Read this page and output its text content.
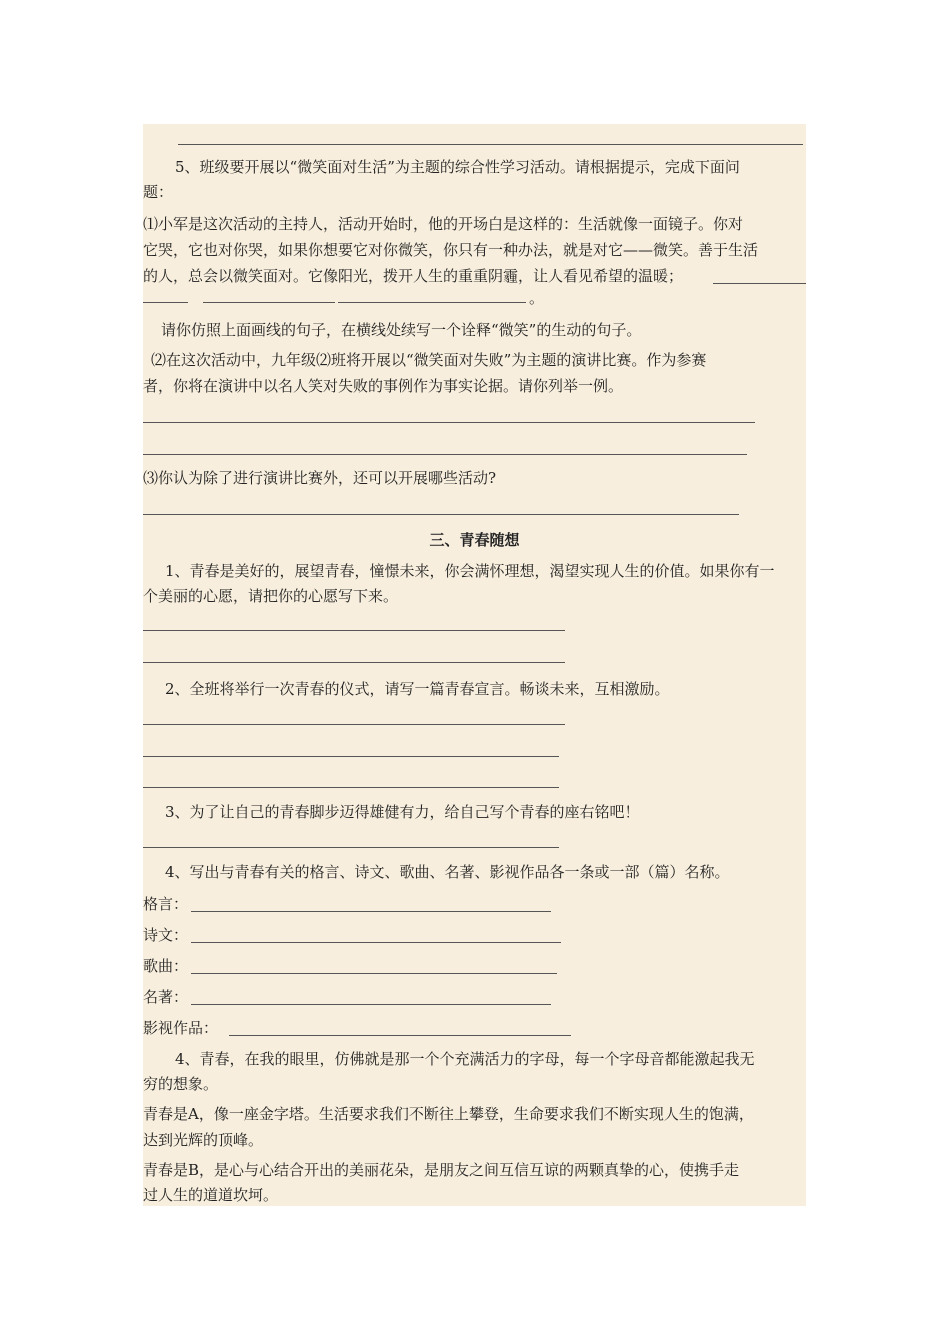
5、班级要开展以“微笑面对生活”为主题的综合性学习活动。请根据提示，完成下面问
题：
⑴小军是这次活动的主持人，活动开始时，他的开场白是这样的：生活就像一面镜子。你对
它哭，它也对你哭，如果你想要它对你微笑，你只有一种办法，就是对它——微笑。善于生活
的人，总会以微笑面对。它像阳光，拨开人生的重重阴霾，让人看见希望的温暖；
。
请你仿照上面画线的句子，在横线处续写一个诠释“微笑”的生动的句子。
⑵在这次活动中，九年级⑵班将开展以“微笑面对失败”为主题的演讲比赛。作为参赛
者，你将在演讲中以名人笑对失败的事例作为事实论据。请你列举一例。
⑶你认为除了进行演讲比赛外，还可以开展哪些活动?
三、青春随想
1、青春是美好的，展望青春，憧憬未来，你会满怀理想，渴望实现人生的价值。如果你有一
个美丽的心愿，请把你的心愿写下来。
2、全班将举行一次青春的仪式，请写一篇青春宣言。畅谈未来，互相激励。
3、为了让自己的青春脚步迈得雄健有力，给自己写个青春的座右铭吧！
4、写出与青春有关的格言、诗文、歌曲、名著、影视作品各一条或一部（篇）名称。
格言：
诗文：
歌曲：
名著：
影视作品：
4、青春，在我的眼里，仿佛就是那一个个充满活力的字母，每一个字母音都能激起我无
穷的想象。
青春是A，像一座金字塔。生活要求我们不断往上攀登，生命要求我们不断实现人生的饱满，
达到光辉的顶峰。
青春是B，是心与心结合开出的美丽花朵，是朋友之间互信互谅的两颗真挚的心，使携手走
过人生的道道坎坷。
